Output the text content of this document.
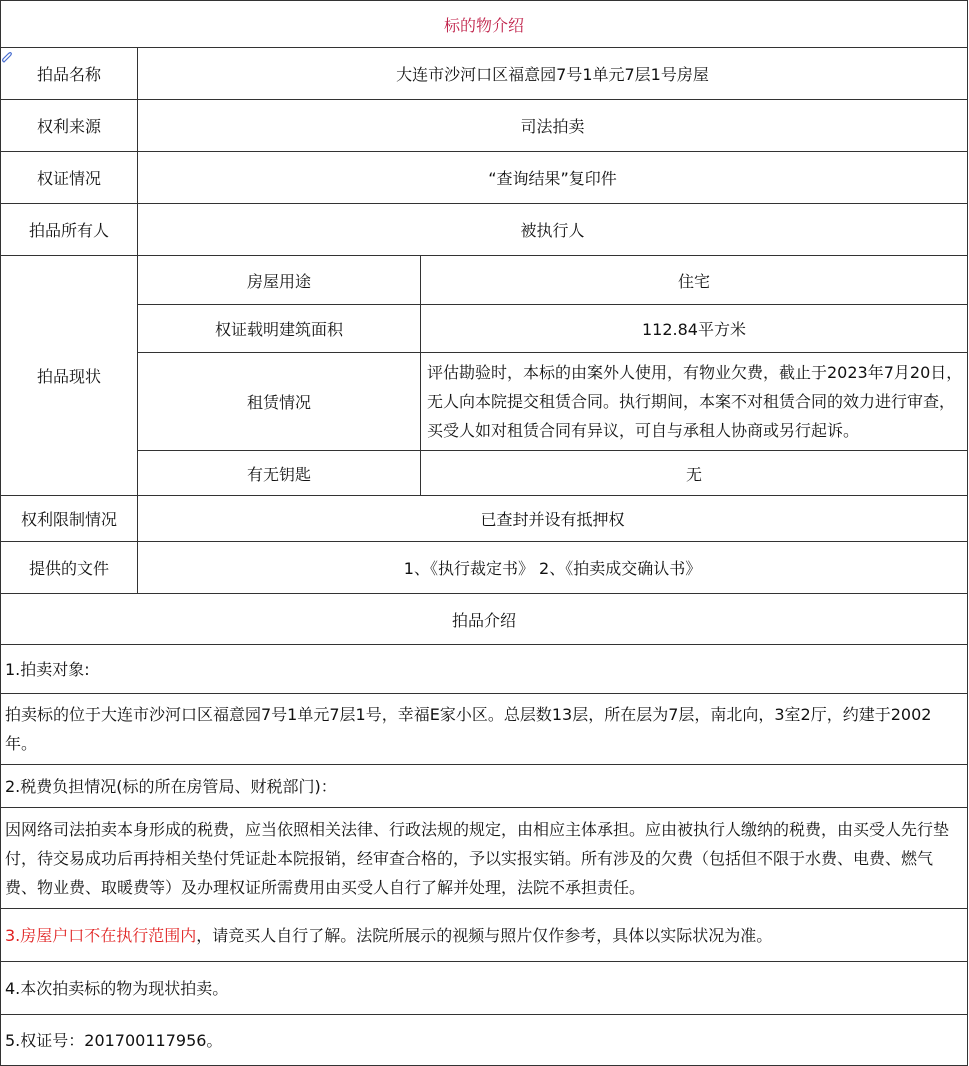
标的物介绍		
拍品名称	大连市沙河口区福意园7号1单元7层1号房屋	
权利来源	司法拍卖	
权证情况	“查询结果”复印件	
拍品所有人	被执行人	
拍品现状	房屋用途	住宅
	权证载明建筑面积	112.84平方米
	租赁情况	评估勘验时，本标的由案外人使用，有物业欠费，截止于2023年7月20日，无人向本院提交租赁合同。执行期间，本案不对租赁合同的效力进行审查，买受人如对租赁合同有异议，可自与承租人协商或另行起诉。
	有无钥匙	无
权利限制情况	已查封并设有抵押权	
提供的文件	1、《执行裁定书》 2、《拍卖成交确认书》	
拍品介绍		
1.拍卖对象:		
拍卖标的位于大连市沙河口区福意园7号1单元7层1号，幸福E家小区。总层数13层，所在层为7层，南北向，3室2厅，约建于2002年。		
2.税费负担情况(标的所在房管局、财税部门)：		
因网络司法拍卖本身形成的税费，应当依照相关法律、行政法规的规定，由相应主体承担。应由被执行人缴纳的税费，由买受人先行垫付，待交易成功后再持相关垫付凭证赴本院报销，经审查合格的，予以实报实销。所有涉及的欠费（包括但不限于水费、电费、燃气费、物业费、取暖费等）及办理权证所需费用由买受人自行了解并处理，法院不承担责任。		
3.房屋户口不在执行范围内，请竞买人自行了解。法院所展示的视频与照片仅作参考，具体以实际状况为准。		
4.本次拍卖标的物为现状拍卖。		
5.权证号：201700117956。		
